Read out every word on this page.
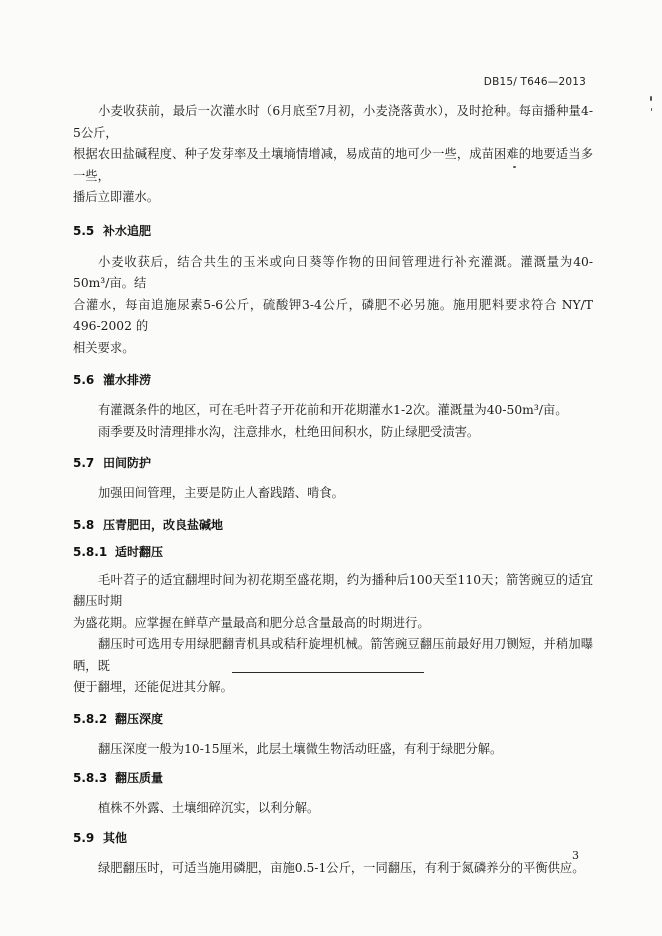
DB15/ T646—2013

小麦收获前，最后一次灌水时（6月底至7月初，小麦浇落黄水），及时抢种。每亩播种量4-5公斤，
根据农田盐碱程度、种子发芽率及土壤墒情增减，易成苗的地可少一些，成苗困难的地要适当多一些，
播后立即灌水。

5.5 补水追肥

小麦收获后，结合共生的玉米或向日葵等作物的田间管理进行补充灌溉。灌溉量为40-50m³/亩。结
合灌水，每亩追施尿素5-6公斤，硫酸钾3-4公斤，磷肥不必另施。施用肥料要求符合 NY/T 496-2002 的
相关要求。

5.6 灌水排涝

有灌溉条件的地区，可在毛叶苕子开花前和开花期灌水1-2次。灌溉量为40-50m³/亩。

雨季要及时清理排水沟，注意排水，杜绝田间积水，防止绿肥受渍害。

5.7 田间防护

加强田间管理，主要是防止人畜践踏、啃食。

5.8 压青肥田，改良盐碱地
5.8.1 适时翻压

毛叶苕子的适宜翻埋时间为初花期至盛花期，约为播种后100天至110天；箭筈豌豆的适宜翻压时期
为盛花期。应掌握在鲜草产量最高和肥分总含量最高的时期进行。

翻压时可选用专用绿肥翻青机具或秸秆旋埋机械。箭筈豌豆翻压前最好用刀铡短，并稍加曝晒，既
便于翻埋，还能促进其分解。

5.8.2 翻压深度

翻压深度一般为10-15厘米，此层土壤微生物活动旺盛，有利于绿肥分解。

5.8.3 翻压质量

植株不外露、土壤细碎沉实，以利分解。

5.9 其他

绿肥翻压时，可适当施用磷肥，亩施0.5-1公斤，一同翻压，有利于氮磷养分的平衡供应。

3
